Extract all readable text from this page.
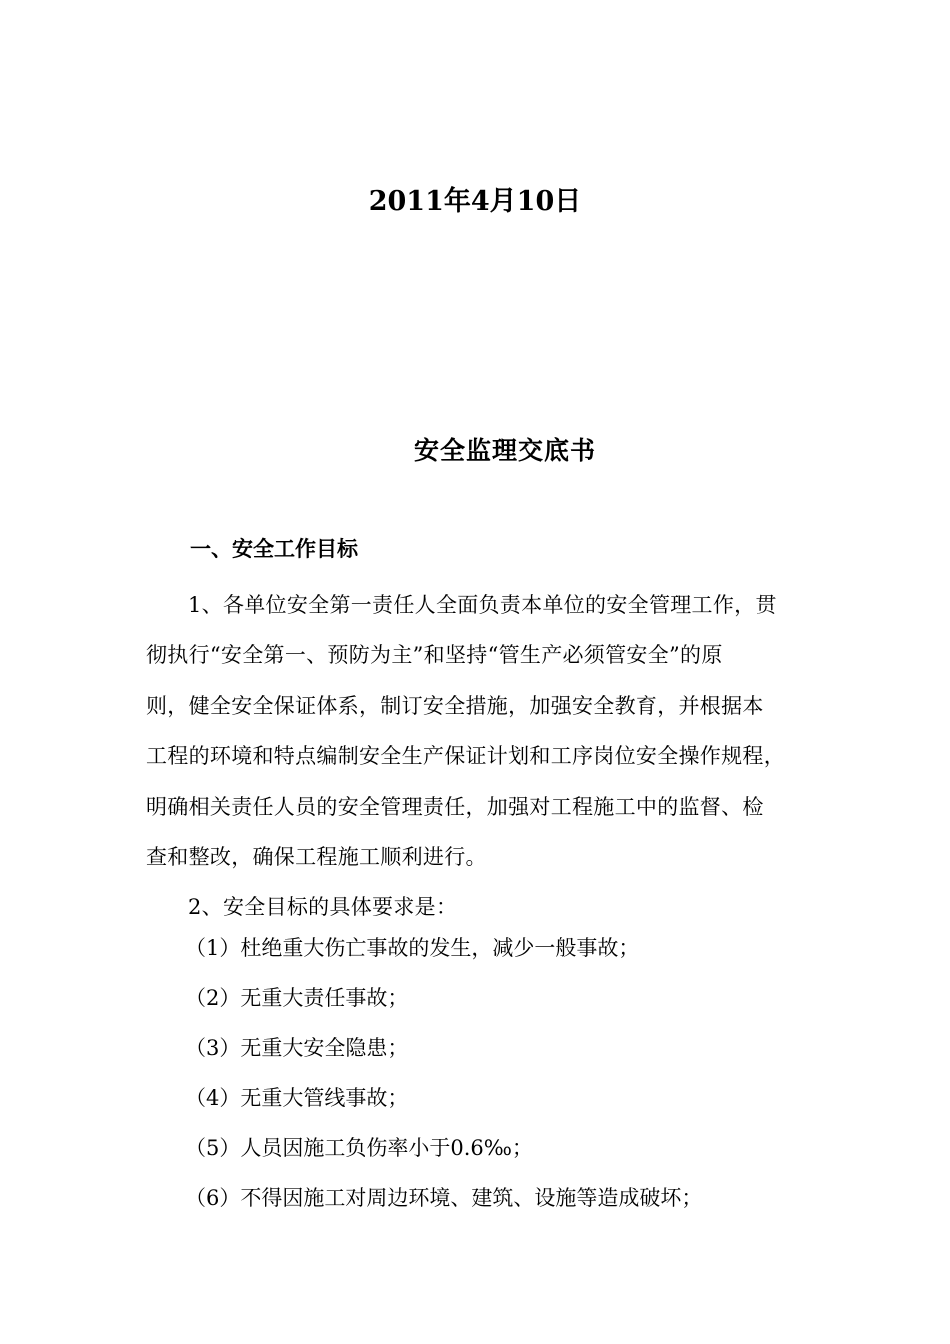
2011年4月10日
安全监理交底书
一、安全工作目标
1、各单位安全第一责任人全面负责本单位的安全管理工作，贯
彻执行“安全第一、预防为主”和坚持“管生产必须管安全”的原
则，健全安全保证体系，制订安全措施，加强安全教育，并根据本
工程的环境和特点编制安全生产保证计划和工序岗位安全操作规程，
明确相关责任人员的安全管理责任，加强对工程施工中的监督、检
查和整改，确保工程施工顺利进行。
2、安全目标的具体要求是：
（1）杜绝重大伤亡事故的发生，减少一般事故；
（2）无重大责任事故；
（3）无重大安全隐患；
（4）无重大管线事故；
（5）人员因施工负伤率小于0.6‰；
（6）不得因施工对周边环境、建筑、设施等造成破坏；
